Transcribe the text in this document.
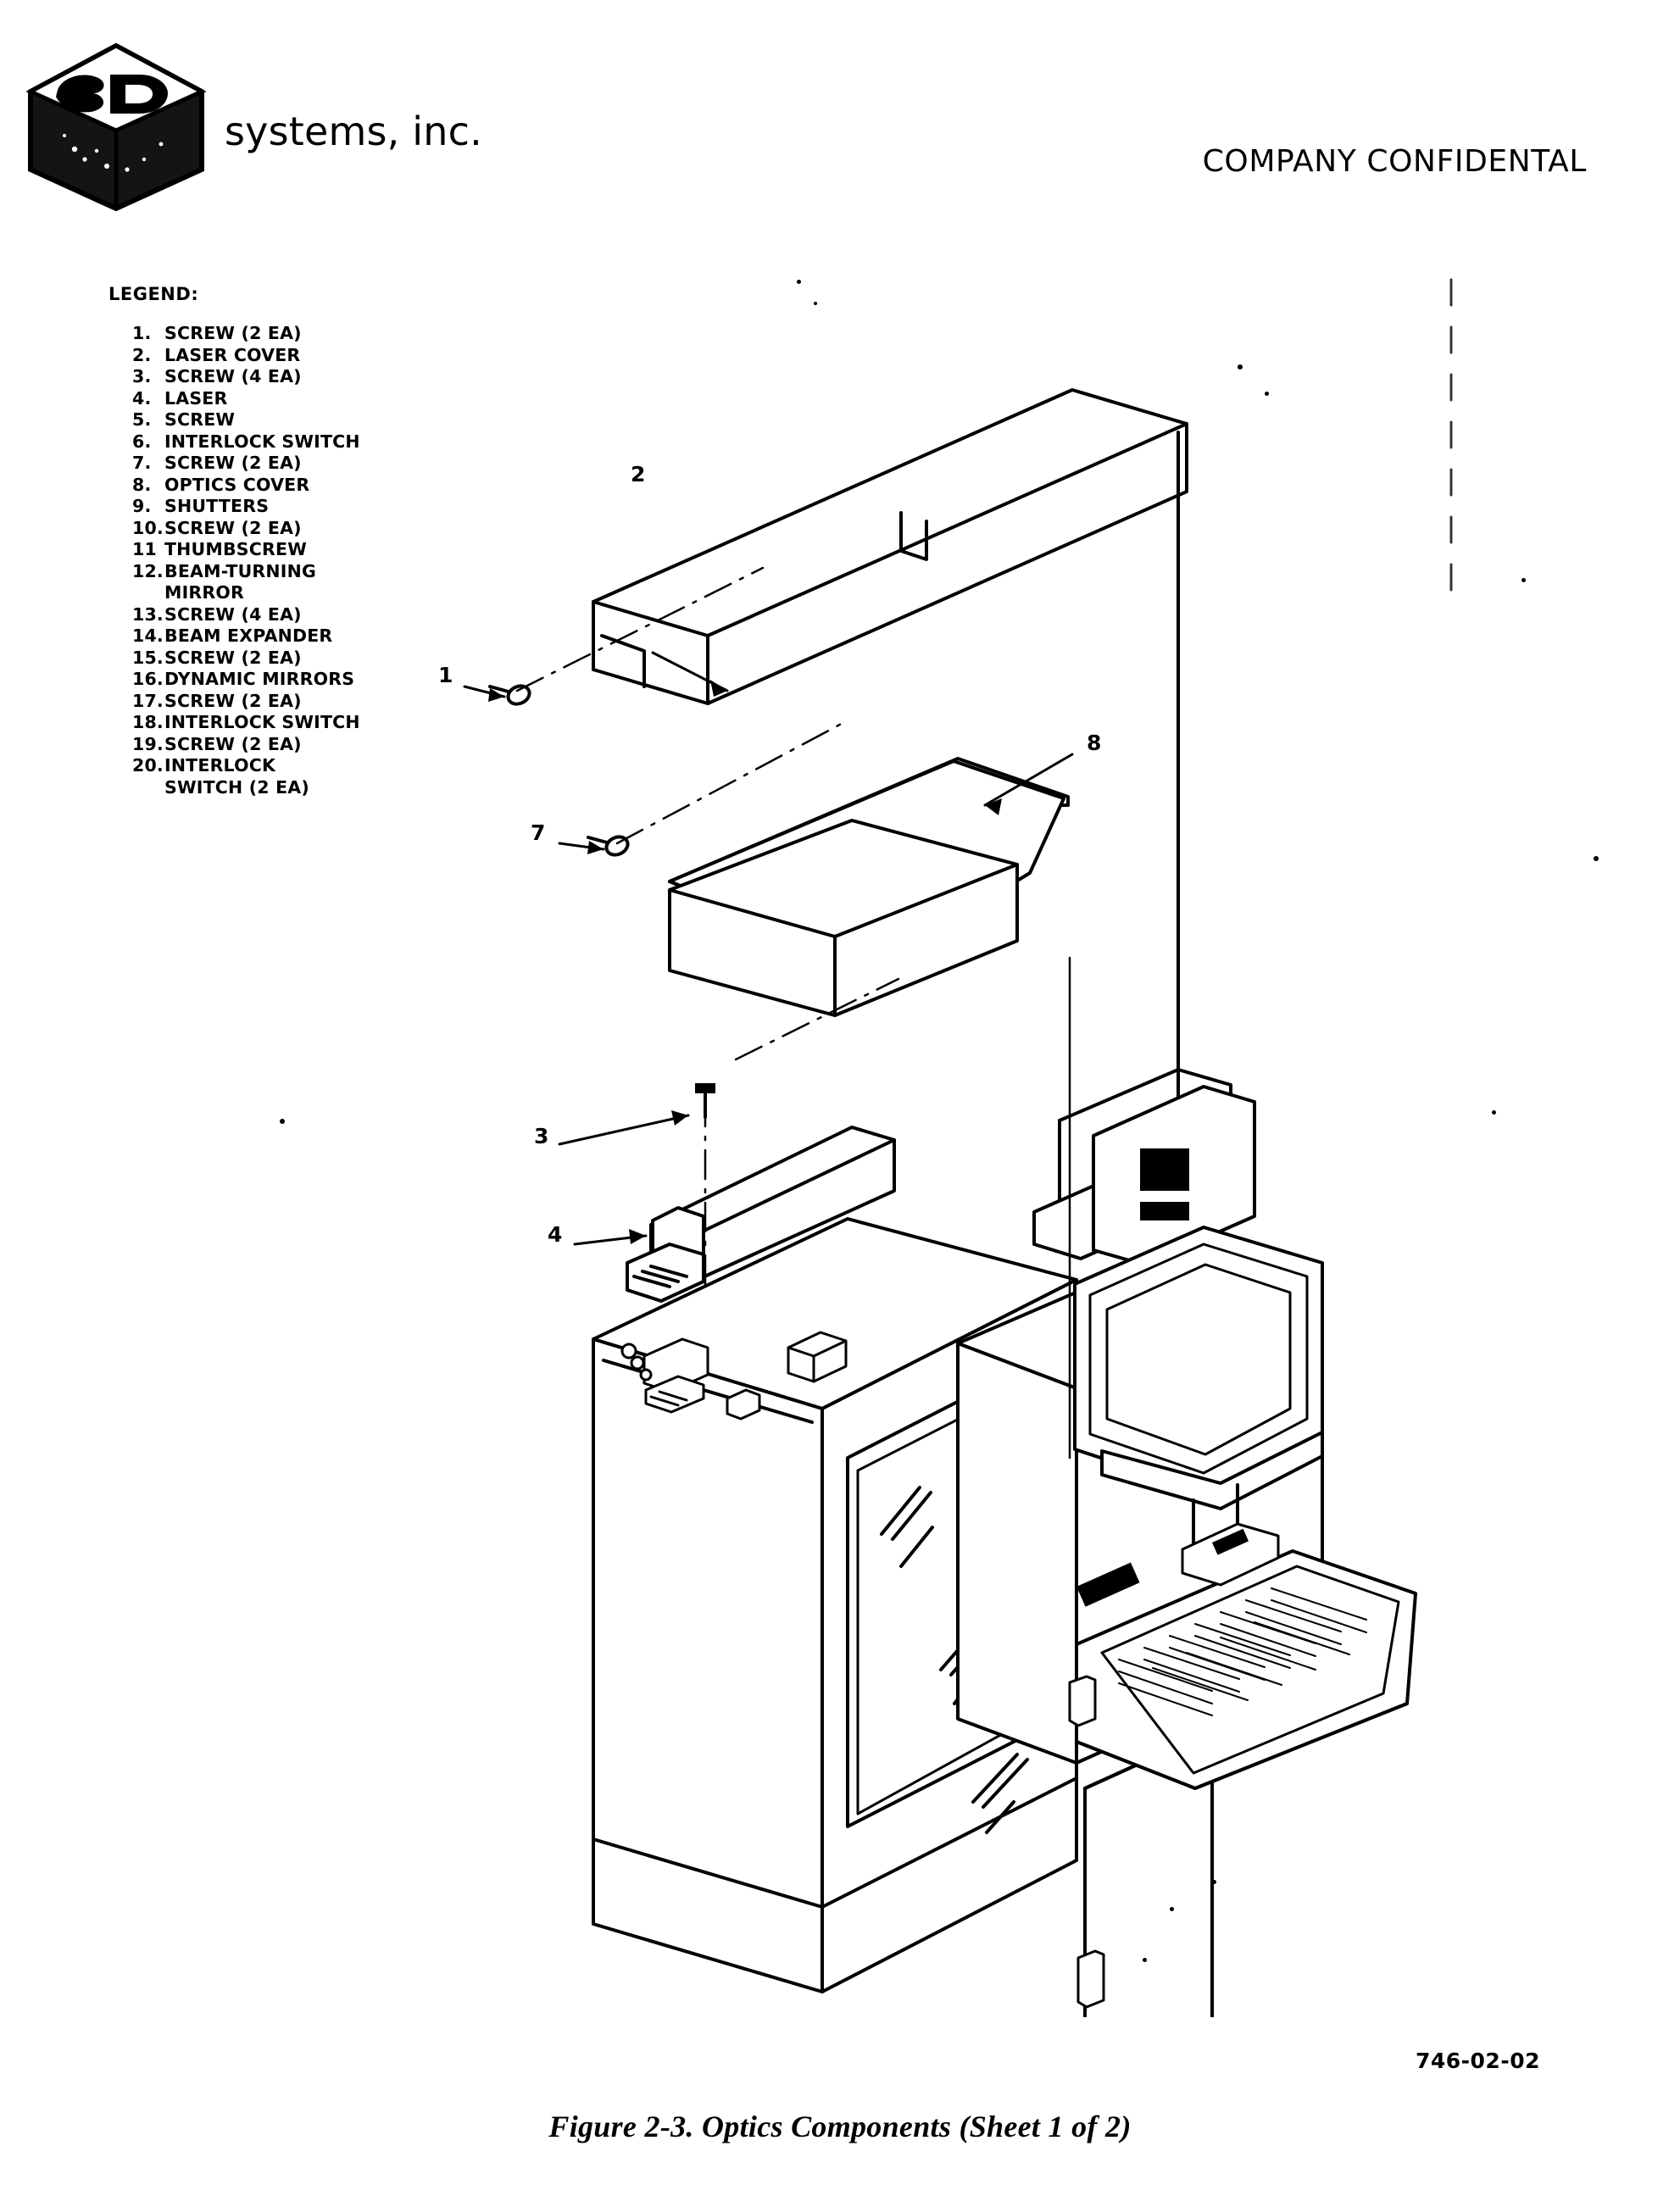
systems, inc.
COMPANY CONFIDENTAL
LEGEND:
1. SCREW (2 EA)
2. LASER COVER
3. SCREW (4 EA)
4. LASER
5. SCREW
6. INTERLOCK SWITCH
7. SCREW (2 EA)
8. OPTICS COVER
9. SHUTTERS
10. SCREW (2 EA)
11 THUMBSCREW
12. BEAM-TURNING
MIRROR
13. SCREW (4 EA)
14. BEAM EXPANDER
15. SCREW (2 EA)
16. DYNAMIC MIRRORS
17. SCREW (2 EA)
18. INTERLOCK SWITCH
19. SCREW (2 EA)
20. INTERLOCK
SWITCH (2 EA)
2
8
1
7
3
4
746-02-02
Figure 2-3. Optics Components (Sheet 1 of 2)
